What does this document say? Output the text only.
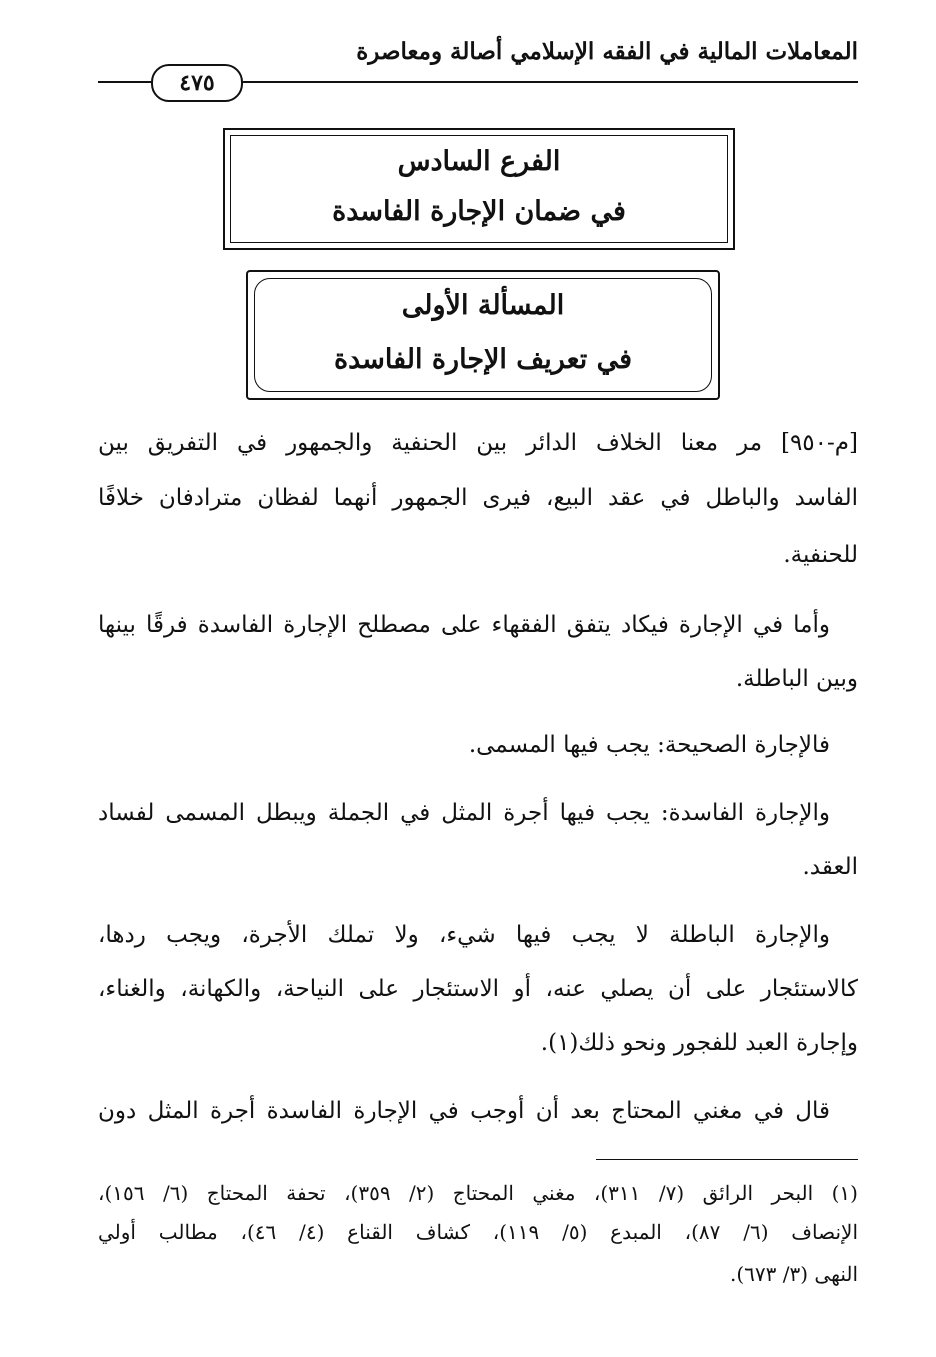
المعاملات المالية في الفقه الإسلامي أصالة ومعاصرة
٤٧٥
الفرع السادس
في ضمان الإجارة الفاسدة
المسألة الأولى
في تعريف الإجارة الفاسدة
[م-٩٥٠] مر معنا الخلاف الدائر بين الحنفية والجمهور في التفريق بين
الفاسد والباطل في عقد البيع، فيرى الجمهور أنهما لفظان مترادفان خلافًا
للحنفية.
وأما في الإجارة فيكاد يتفق الفقهاء على مصطلح الإجارة الفاسدة فرقًا بينها
وبين الباطلة.
فالإجارة الصحيحة: يجب فيها المسمى.
والإجارة الفاسدة: يجب فيها أجرة المثل في الجملة ويبطل المسمى لفساد
العقد.
والإجارة الباطلة لا يجب فيها شيء، ولا تملك الأجرة، ويجب ردها،
كالاستئجار على أن يصلي عنه، أو الاستئجار على النياحة، والكهانة، والغناء،
وإجارة العبد للفجور ونحو ذلك(١).
قال في مغني المحتاج بعد أن أوجب في الإجارة الفاسدة أجرة المثل دون
(١) البحر الرائق (٧/ ٣١١)، مغني المحتاج (٢/ ٣٥٩)، تحفة المحتاج (٦/ ١٥٦)،
الإنصاف (٦/ ٨٧)، المبدع (٥/ ١١٩)، كشاف القناع (٤/ ٤٦)، مطالب أولي
النهى (٣/ ٦٧٣).
